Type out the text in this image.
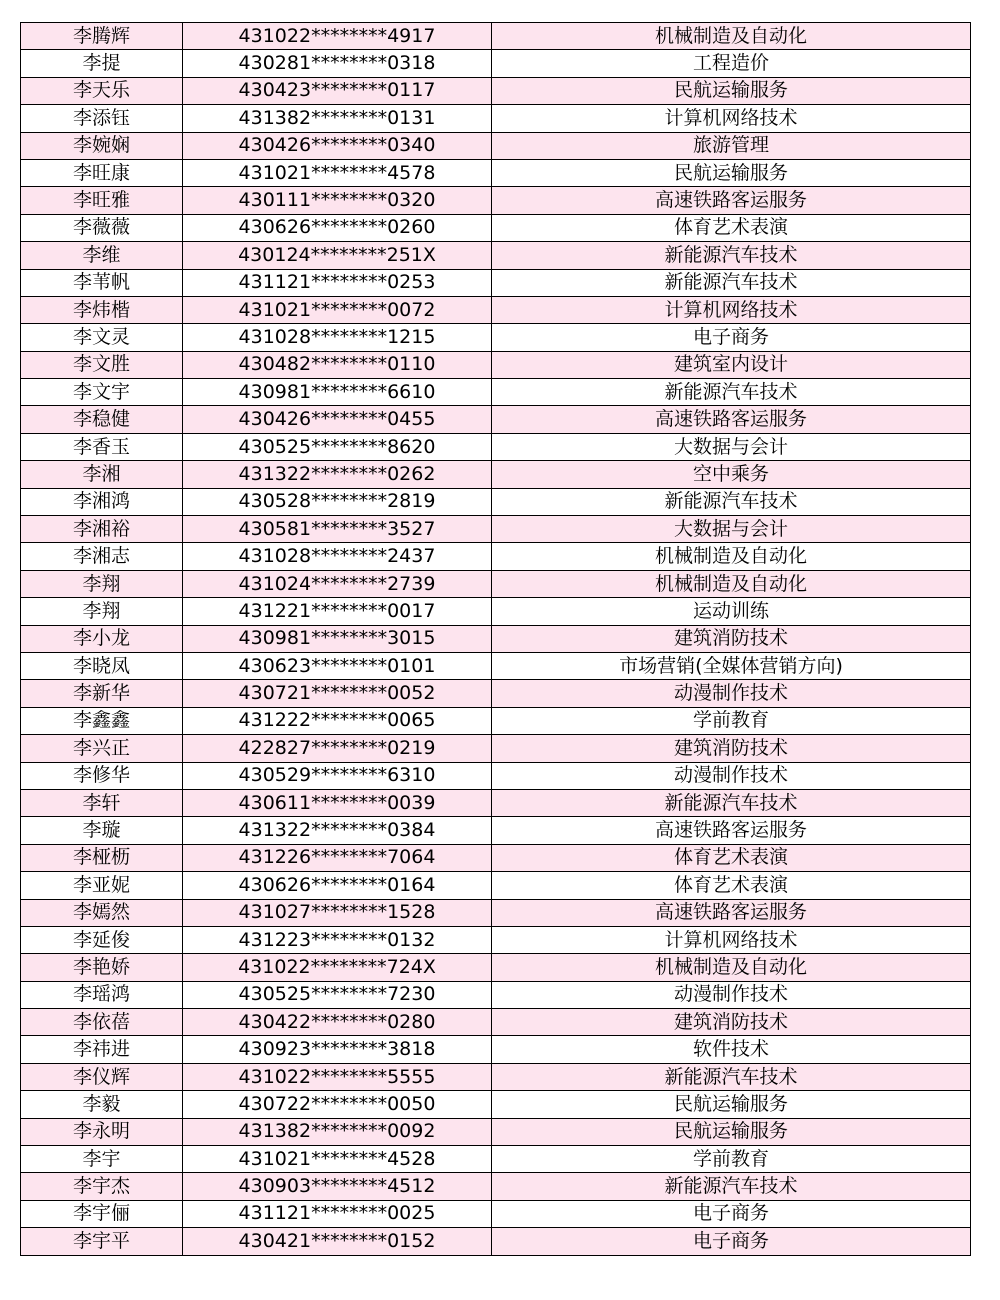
李腾辉	431022********4917	机械制造及自动化
李提	430281********0318	工程造价
李天乐	430423********0117	民航运输服务
李添钰	431382********0131	计算机网络技术
李婉娴	430426********0340	旅游管理
李旺康	431021********4578	民航运输服务
李旺雅	430111********0320	高速铁路客运服务
李薇薇	430626********0260	体育艺术表演
李维	430124********251X	新能源汽车技术
李苇帆	431121********0253	新能源汽车技术
李炜楷	431021********0072	计算机网络技术
李文灵	431028********1215	电子商务
李文胜	430482********0110	建筑室内设计
李文宇	430981********6610	新能源汽车技术
李稳健	430426********0455	高速铁路客运服务
李香玉	430525********8620	大数据与会计
李湘	431322********0262	空中乘务
李湘鸿	430528********2819	新能源汽车技术
李湘裕	430581********3527	大数据与会计
李湘志	431028********2437	机械制造及自动化
李翔	431024********2739	机械制造及自动化
李翔	431221********0017	运动训练
李小龙	430981********3015	建筑消防技术
李晓凤	430623********0101	市场营销(全媒体营销方向)
李新华	430721********0052	动漫制作技术
李鑫鑫	431222********0065	学前教育
李兴正	422827********0219	建筑消防技术
李修华	430529********6310	动漫制作技术
李轩	430611********0039	新能源汽车技术
李璇	431322********0384	高速铁路客运服务
李桠枥	431226********7064	体育艺术表演
李亚妮	430626********0164	体育艺术表演
李嫣然	431027********1528	高速铁路客运服务
李延俊	431223********0132	计算机网络技术
李艳娇	431022********724X	机械制造及自动化
李瑶鸿	430525********7230	动漫制作技术
李依蓓	430422********0280	建筑消防技术
李祎进	430923********3818	软件技术
李仪辉	431022********5555	新能源汽车技术
李毅	430722********0050	民航运输服务
李永明	431382********0092	民航运输服务
李宇	431021********4528	学前教育
李宇杰	430903********4512	新能源汽车技术
李宇俪	431121********0025	电子商务
李宇平	430421********0152	电子商务
